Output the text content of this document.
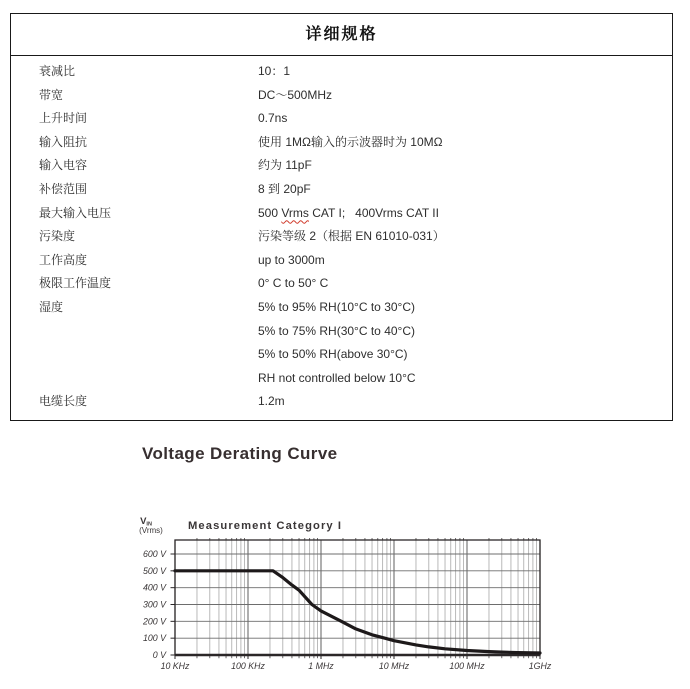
详细规格
衰减比	10：1
带宽	DC～500MHz
上升时间	0.7ns
输入阻抗	使用 1MΩ输入的示波器时为 10MΩ
输入电容	约为 11pF
补偿范围	8 到 20pF
最大输入电压	500 Vrms CAT I;   400Vrms CAT II
污染度	污染等级 2（根据 EN 61010-031）
工作高度	up to 3000m
极限工作温度	0° C to 50° C
湿度	5% to 95% RH(10°C to 30°C)
5% to 75% RH(30°C to 40°C)
5% to 50% RH(above 30°C)
RH not controlled below 10°C
电缆长度	1.2m
Voltage Derating Curve
600 V
500 V
400 V
300 V
200 V
100 V
0 V
10 KHz	100 KHz	1 MHz	10 MHz	100 MHz	1GHz
Measurement Category I
VIN
(Vrms)
